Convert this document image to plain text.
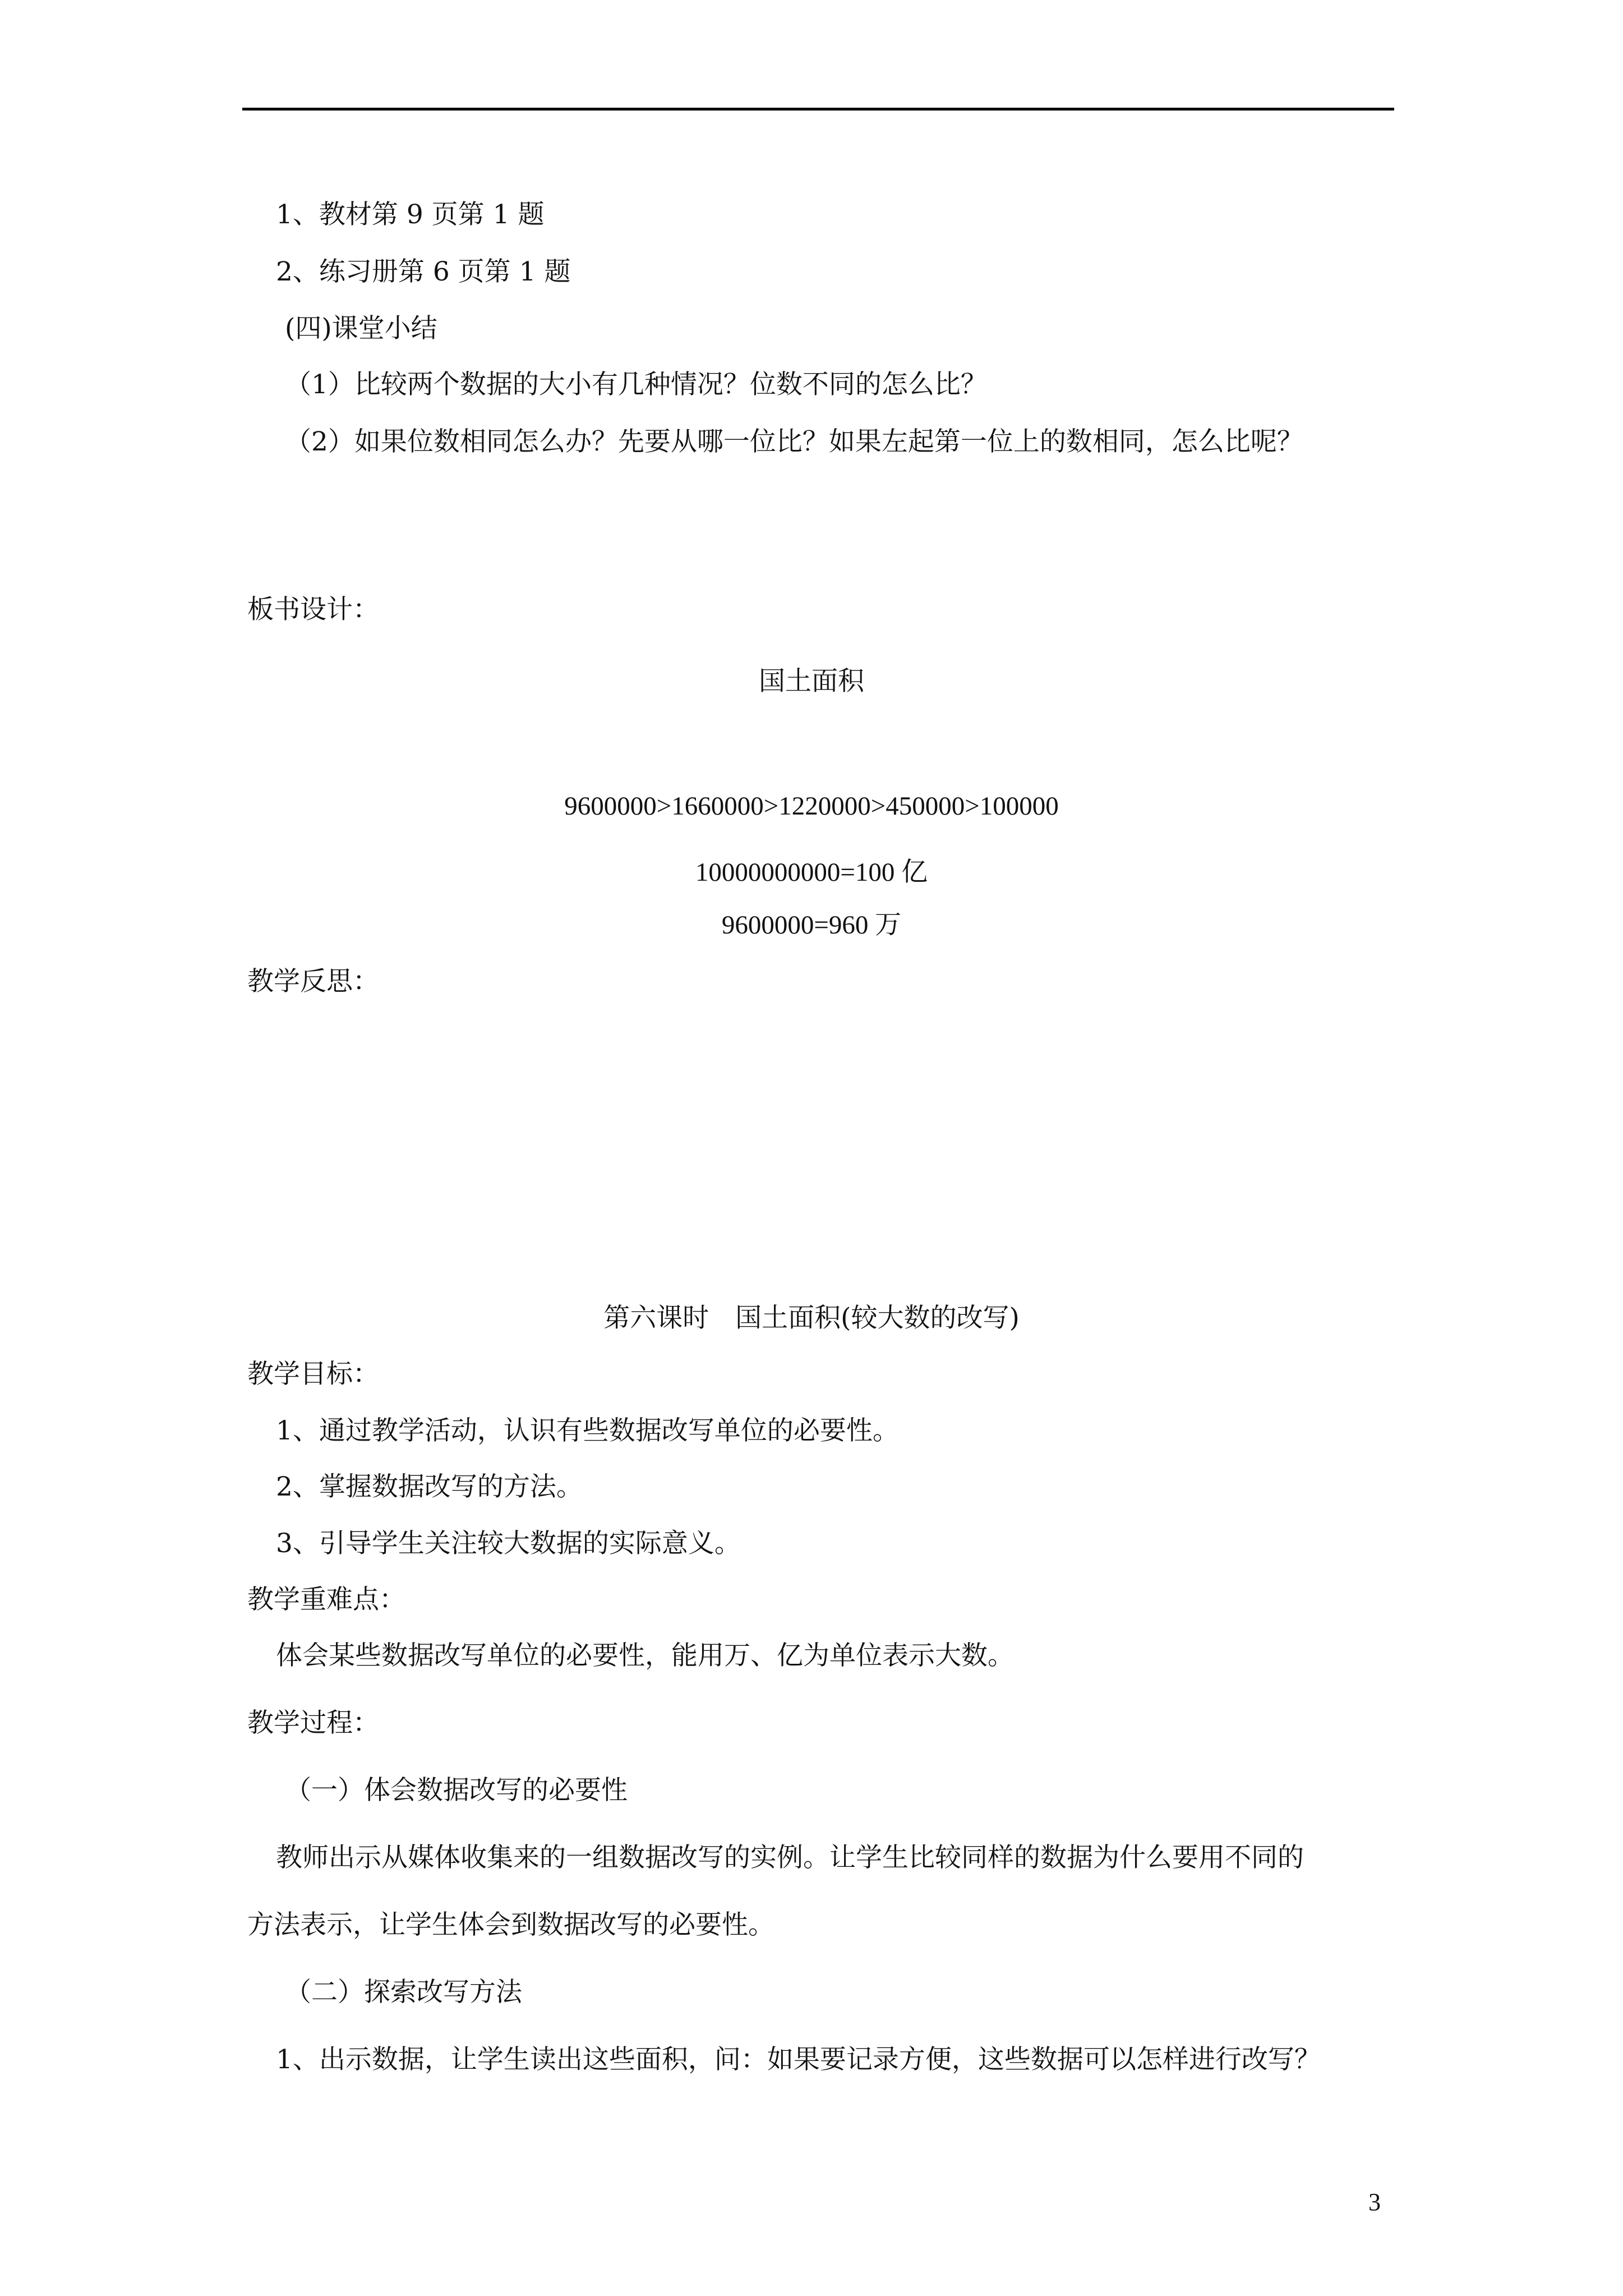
1、教材第 9 页第 1 题
2、练习册第 6 页第 1 题
(四)课堂小结
（1）比较两个数据的大小有几种情况？位数不同的怎么比？
（2）如果位数相同怎么办？先要从哪一位比？如果左起第一位上的数相同，怎么比呢？
板书设计：
国土面积
9600000>1660000>1220000>450000>100000
10000000000=100 亿
9600000=960 万
教学反思：
第六课时　国土面积(较大数的改写)
教学目标：
1、通过教学活动，认识有些数据改写单位的必要性。
2、掌握数据改写的方法。
3、引导学生关注较大数据的实际意义。
教学重难点：
体会某些数据改写单位的必要性，能用万、亿为单位表示大数。
教学过程：
（一）体会数据改写的必要性
教师出示从媒体收集来的一组数据改写的实例。让学生比较同样的数据为什么要用不同的
方法表示，让学生体会到数据改写的必要性。
（二）探索改写方法
1、出示数据，让学生读出这些面积，问：如果要记录方便，这些数据可以怎样进行改写？
3
